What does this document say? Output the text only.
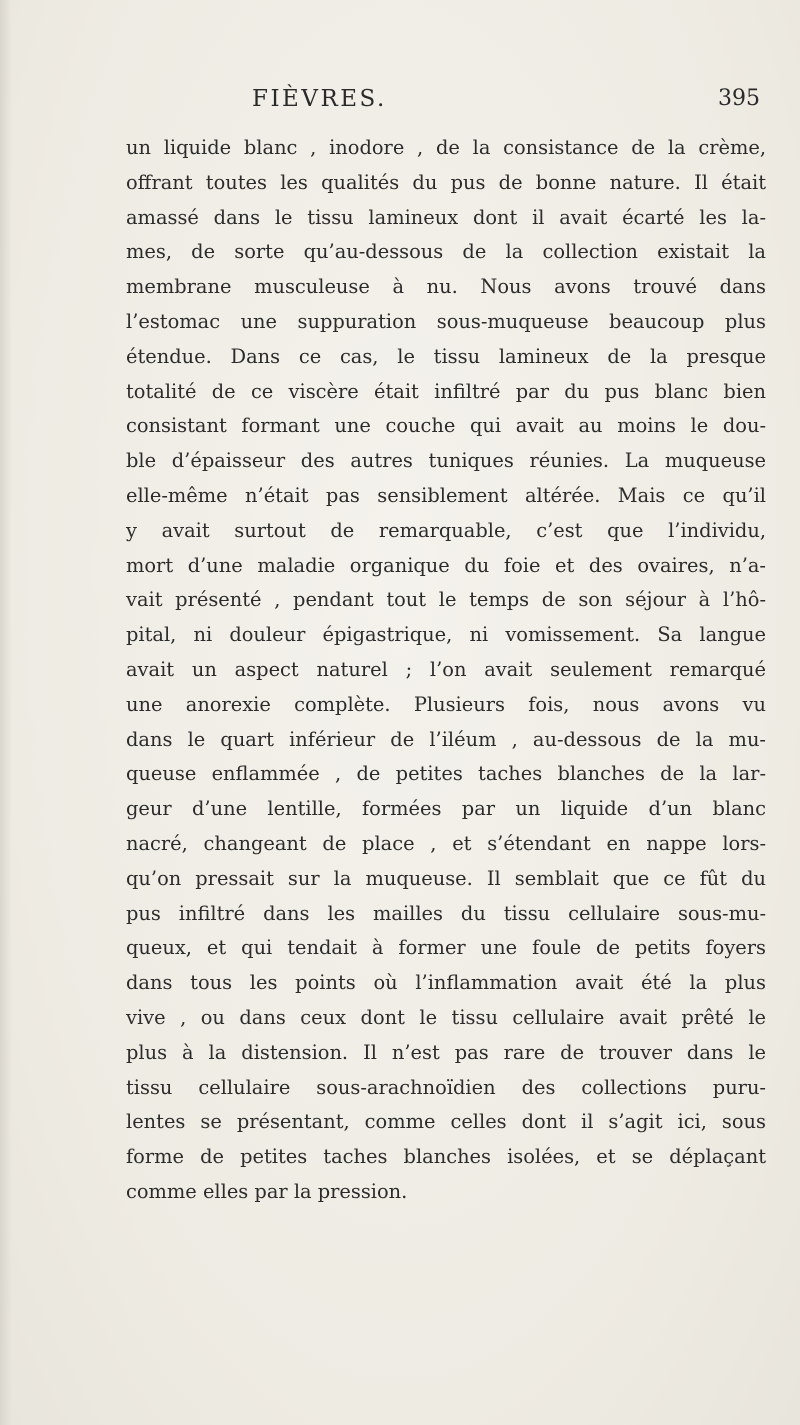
FIÈVRES.	395
un liquide blanc , inodore , de la consistance de la crème,
offrant toutes les qualités du pus de bonne nature. Il était
amassé dans le tissu lamineux dont il avait écarté les la-
mes, de sorte qu’au-dessous de la collection existait la
membrane musculeuse à nu. Nous avons trouvé dans
l’estomac une suppuration sous-muqueuse beaucoup plus
étendue. Dans ce cas, le tissu lamineux de la presque
totalité de ce viscère était infiltré par du pus blanc bien
consistant formant une couche qui avait au moins le dou-
ble d’épaisseur des autres tuniques réunies. La muqueuse
elle-même n’était pas sensiblement altérée. Mais ce qu’il
y avait surtout de remarquable, c’est que l’individu,
mort d’une maladie organique du foie et des ovaires, n’a-
vait présenté , pendant tout le temps de son séjour à l’hô-
pital, ni douleur épigastrique, ni vomissement. Sa langue
avait un aspect naturel ; l’on avait seulement remarqué
une anorexie complète. Plusieurs fois, nous avons vu
dans le quart inférieur de l’iléum , au-dessous de la mu-
queuse enflammée , de petites taches blanches de la lar-
geur d’une lentille, formées par un liquide d’un blanc
nacré, changeant de place , et s’étendant en nappe lors-
qu’on pressait sur la muqueuse. Il semblait que ce fût du
pus infiltré dans les mailles du tissu cellulaire sous-mu-
queux, et qui tendait à former une foule de petits foyers
dans tous les points où l’inflammation avait été la plus
vive , ou dans ceux dont le tissu cellulaire avait prêté le
plus à la distension. Il n’est pas rare de trouver dans le
tissu cellulaire sous-arachnoïdien des collections puru-
lentes se présentant, comme celles dont il s’agit ici, sous
forme de petites taches blanches isolées, et se déplaçant
comme elles par la pression.
